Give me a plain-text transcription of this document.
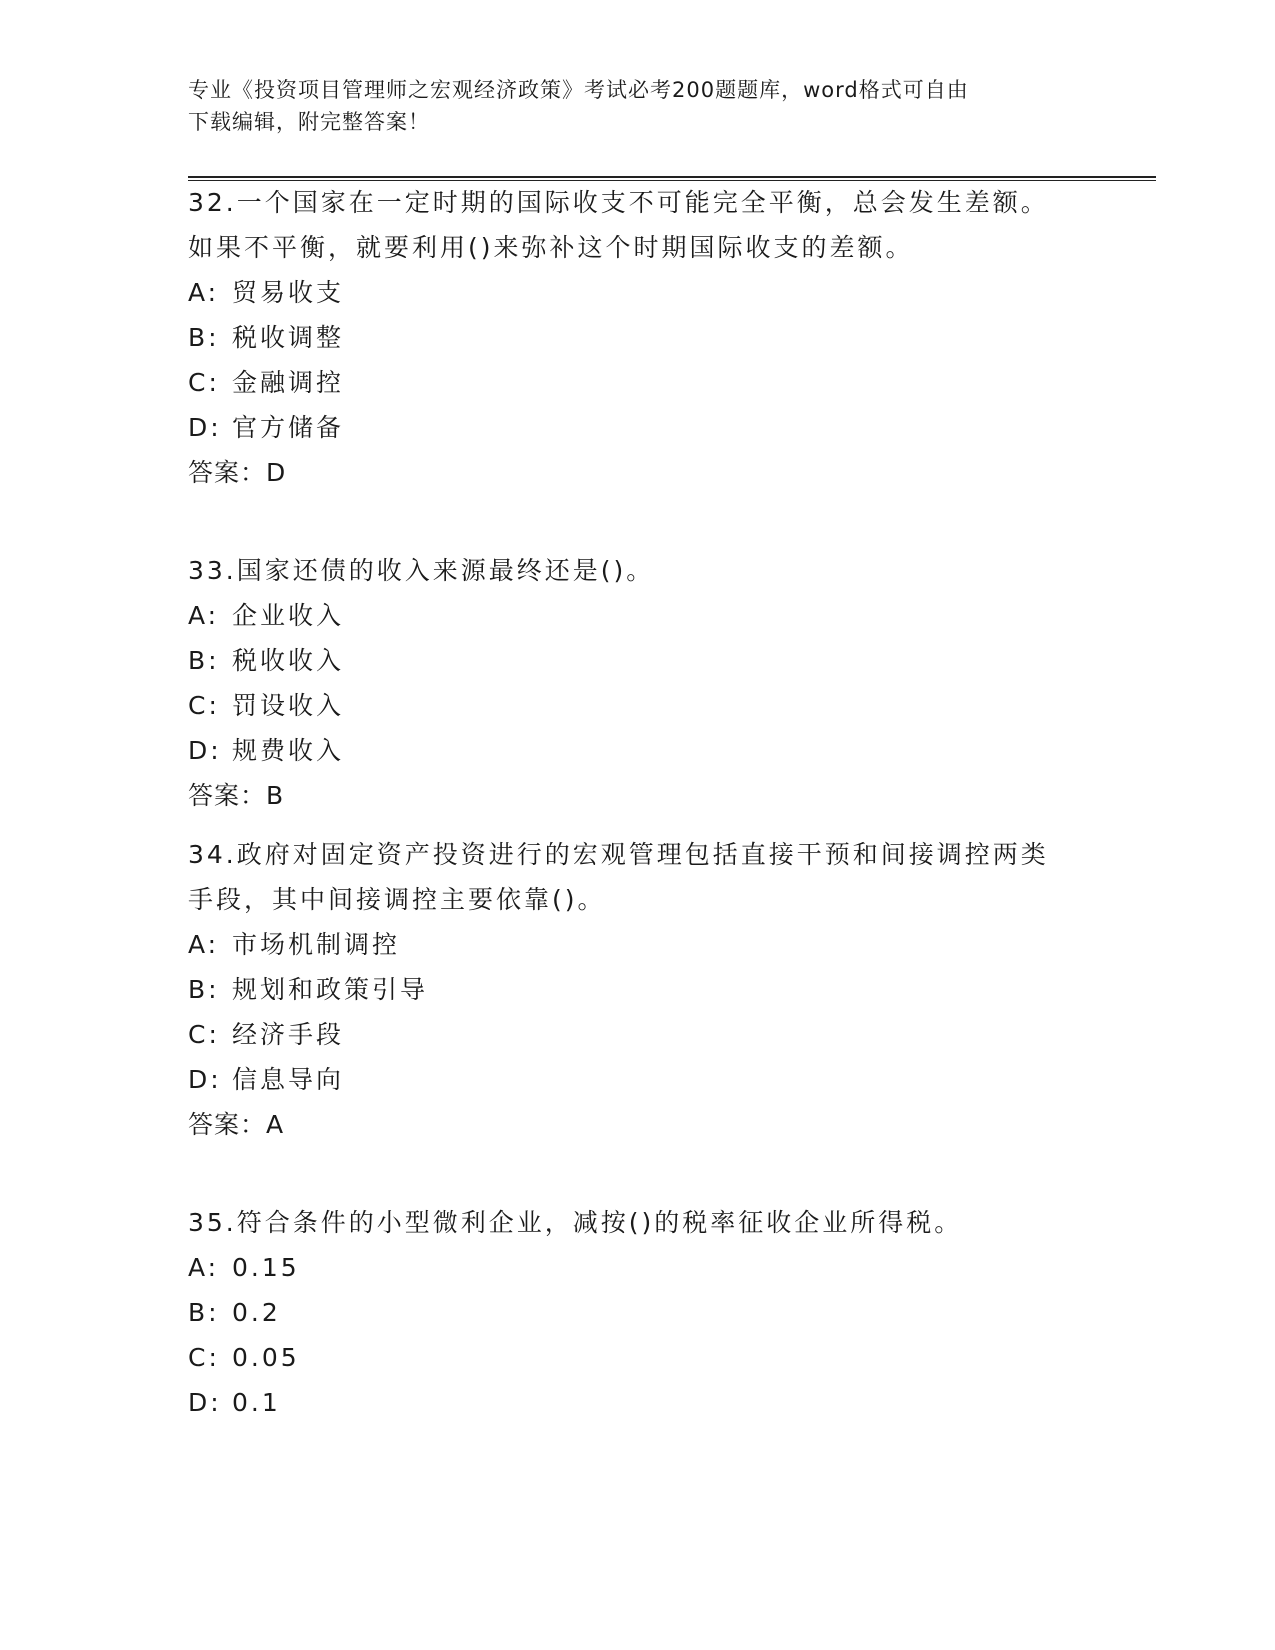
专业《投资项目管理师之宏观经济政策》考试必考200题题库，word格式可自由
下载编辑，附完整答案！
32.一个国家在一定时期的国际收支不可能完全平衡，总会发生差额。
如果不平衡，就要利用()来弥补这个时期国际收支的差额。
A: 贸易收支
B: 税收调整
C: 金融调控
D: 官方储备
答案：D
33.国家还债的收入来源最终还是()。
A: 企业收入
B: 税收收入
C: 罚设收入
D: 规费收入
答案：B
34.政府对固定资产投资进行的宏观管理包括直接干预和间接调控两类
手段，其中间接调控主要依靠()。
A: 市场机制调控
B: 规划和政策引导
C: 经济手段
D: 信息导向
答案：A
35.符合条件的小型微利企业，减按()的税率征收企业所得税。
A: 0.15
B: 0.2
C: 0.05
D: 0.1
